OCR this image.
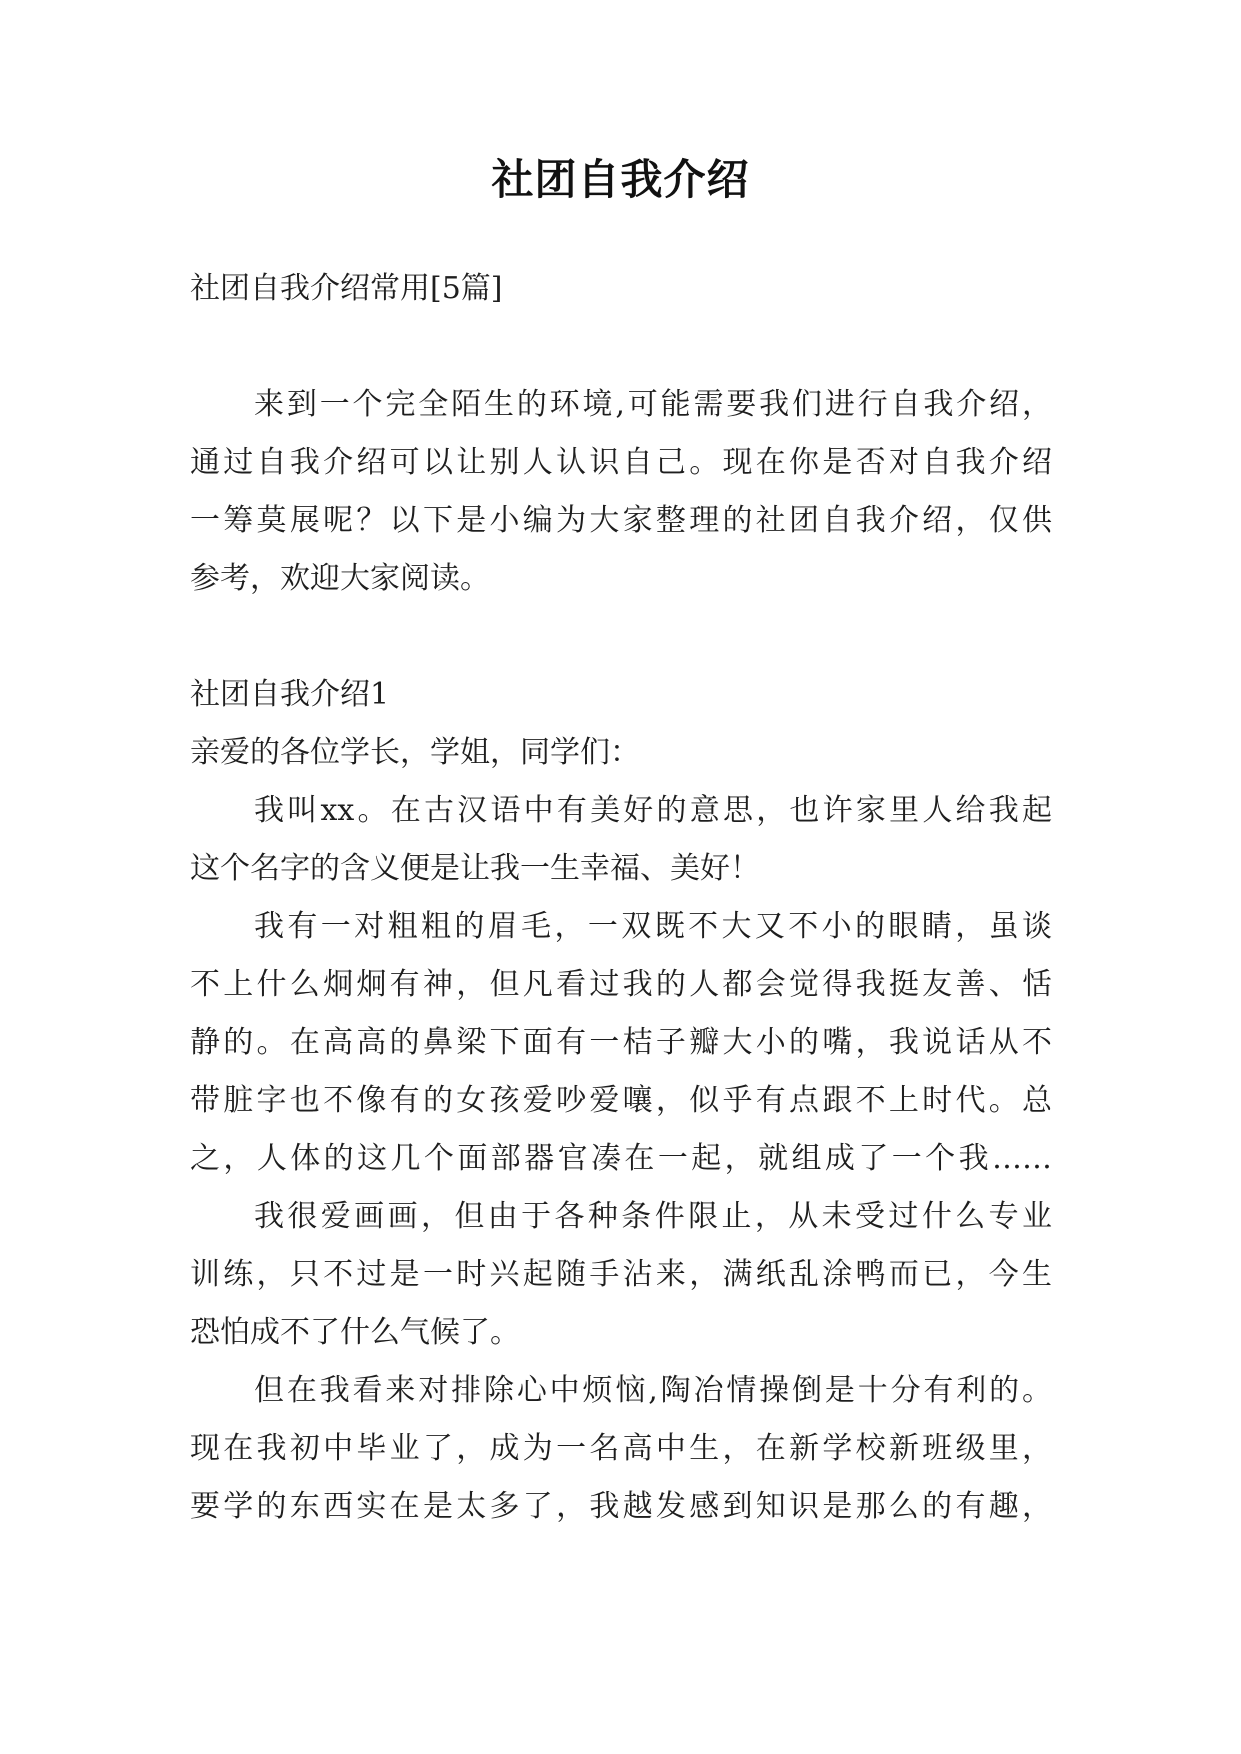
社团自我介绍
社团自我介绍常用[5篇]
来到一个完全陌生的环境,可能需要我们进行自我介绍，
通过自我介绍可以让别人认识自己。现在你是否对自我介绍
一筹莫展呢？以下是小编为大家整理的社团自我介绍，仅供
参考，欢迎大家阅读。
社团自我介绍1
亲爱的各位学长，学姐，同学们：
我叫xx。在古汉语中有美好的意思，也许家里人给我起
这个名字的含义便是让我一生幸福、美好！
我有一对粗粗的眉毛，一双既不大又不小的眼睛，虽谈
不上什么炯炯有神，但凡看过我的人都会觉得我挺友善、恬
静的。在高高的鼻梁下面有一桔子瓣大小的嘴，我说话从不
带脏字也不像有的女孩爱吵爱嚷，似乎有点跟不上时代。总
之，人体的这几个面部器官凑在一起，就组成了一个我……
我很爱画画，但由于各种条件限止，从未受过什么专业
训练，只不过是一时兴起随手沾来，满纸乱涂鸭而已，今生
恐怕成不了什么气候了。
但在我看来对排除心中烦恼,陶冶情操倒是十分有利的。
现在我初中毕业了，成为一名高中生，在新学校新班级里，
要学的东西实在是太多了，我越发感到知识是那么的有趣，
